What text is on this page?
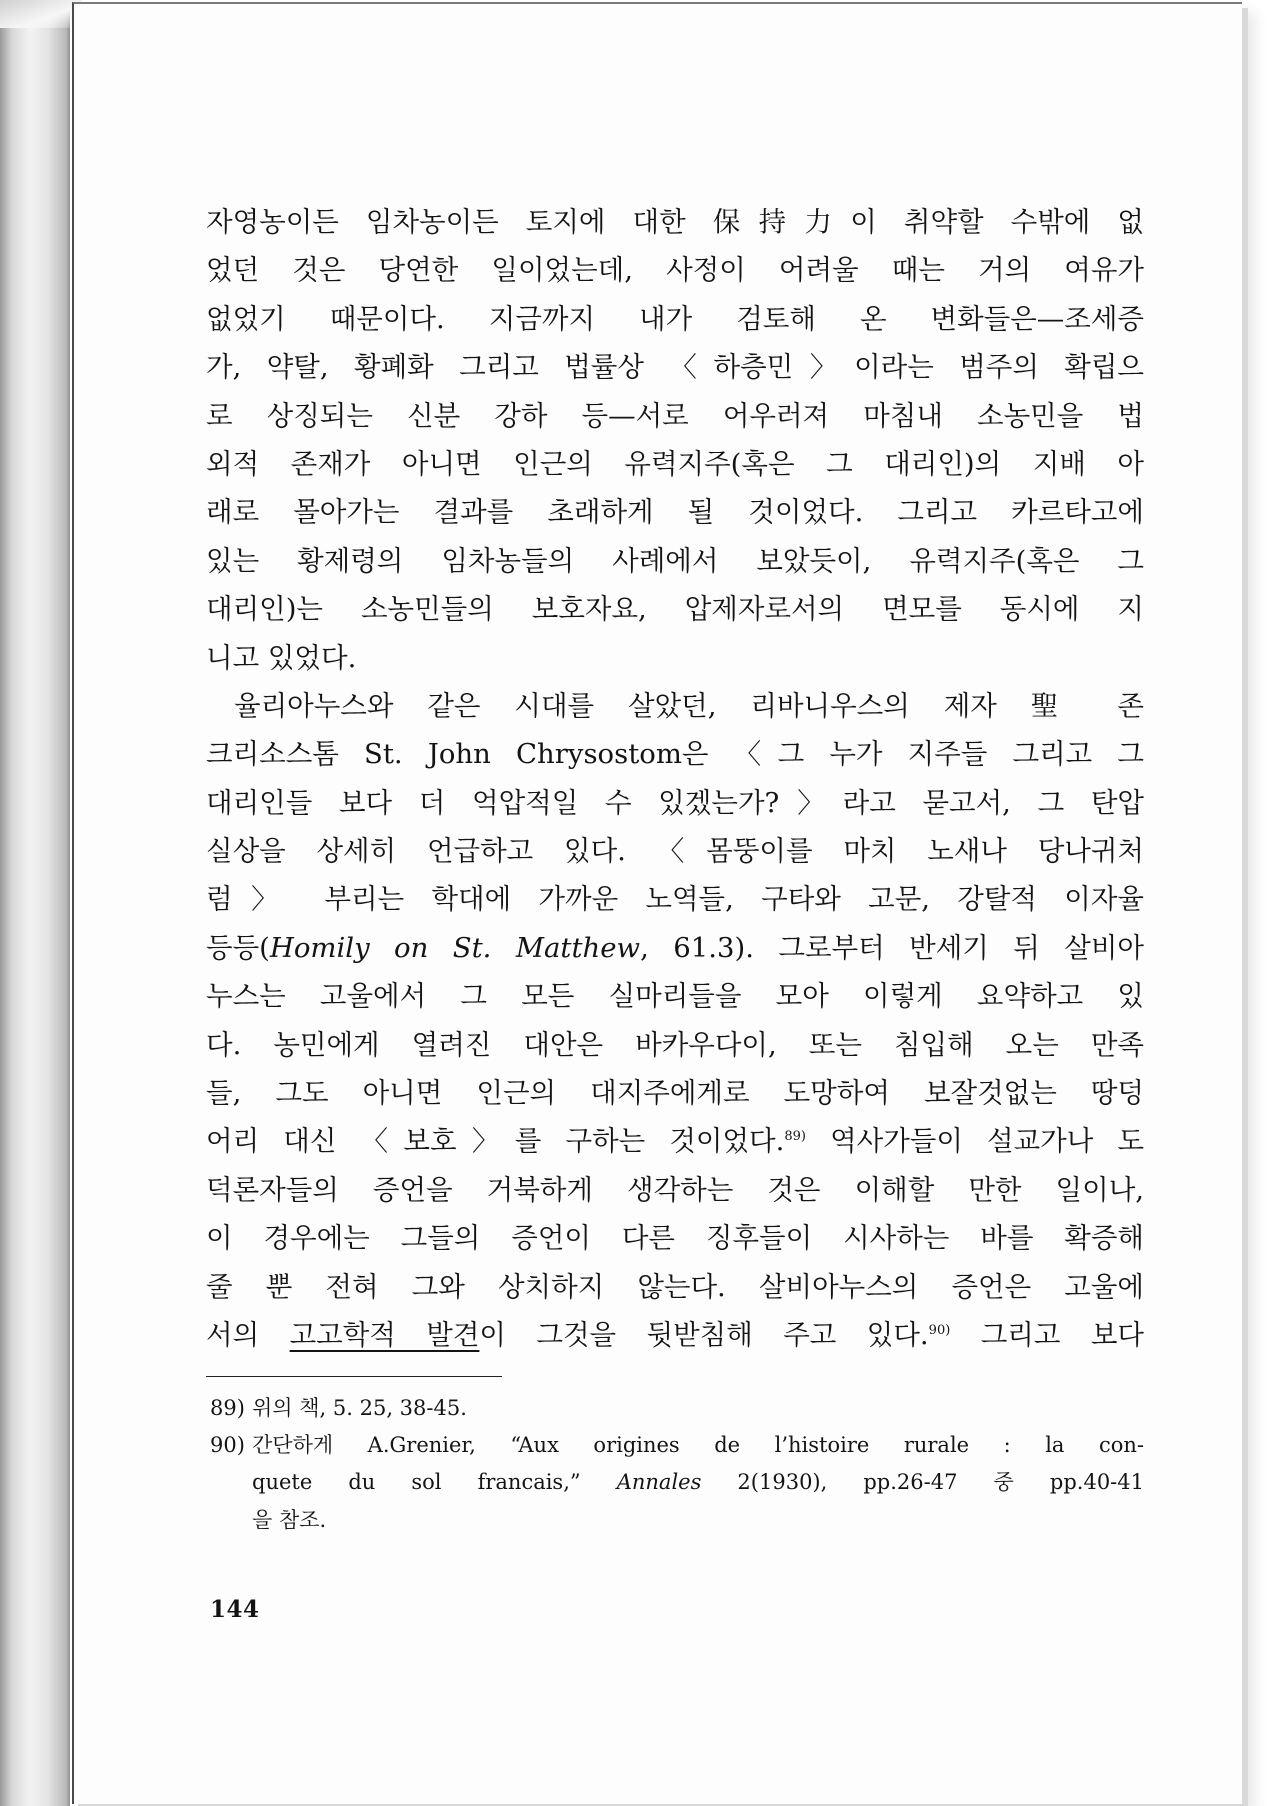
자영농이든 임차농이든 토지에 대한 保持力이 취약할 수밖에 없
었던 것은 당연한 일이었는데, 사정이 어려울 때는 거의 여유가
없었기 때문이다. 지금까지 내가 검토해 온 변화들은—조세증
가, 약탈, 황폐화 그리고 법률상 〈하층민〉이라는 범주의 확립으
로 상징되는 신분 강하 등—서로 어우러져 마침내 소농민을 법
외적 존재가 아니면 인근의 유력지주(혹은 그 대리인)의 지배 아
래로 몰아가는 결과를 초래하게 될 것이었다. 그리고 카르타고에
있는 황제령의 임차농들의 사례에서 보았듯이, 유력지주(혹은 그
대리인)는 소농민들의 보호자요, 압제자로서의 면모를 동시에 지
니고 있었다.
율리아누스와 같은 시대를 살았던, 리바니우스의 제자 聖 존
크리소스톰 St. John Chrysostom은 〈그 누가 지주들 그리고 그
대리인들 보다 더 억압적일 수 있겠는가?〉라고 묻고서, 그 탄압
실상을 상세히 언급하고 있다. 〈몸뚱이를 마치 노새나 당나귀처
럼〉 부리는 학대에 가까운 노역들, 구타와 고문, 강탈적 이자율
등등(Homily on St. Matthew, 61.3). 그로부터 반세기 뒤 살비아
누스는 고울에서 그 모든 실마리들을 모아 이렇게 요약하고 있
다. 농민에게 열려진 대안은 바카우다이, 또는 침입해 오는 만족
들, 그도 아니면 인근의 대지주에게로 도망하여 보잘것없는 땅덩
어리 대신 〈보호〉를 구하는 것이었다.$^{89)}$ 역사가들이 설교가나 도
덕론자들의 증언을 거북하게 생각하는 것은 이해할 만한 일이나,
이 경우에는 그들의 증언이 다른 징후들이 시사하는 바를 확증해
줄 뿐 전혀 그와 상치하지 않는다. 살비아누스의 증언은 고울에
서의 고고학적 발견이 그것을 뒷받침해 주고 있다.$^{90)}$ 그리고 보다
89) 위의 책, 5. 25, 38-45.
90) 간단하게 A.Grenier, “Aux origines de l’histoire rurale : la con-
quete du sol francais,” Annales 2(1930), pp.26-47 중 pp.40-41
을 참조.
144
